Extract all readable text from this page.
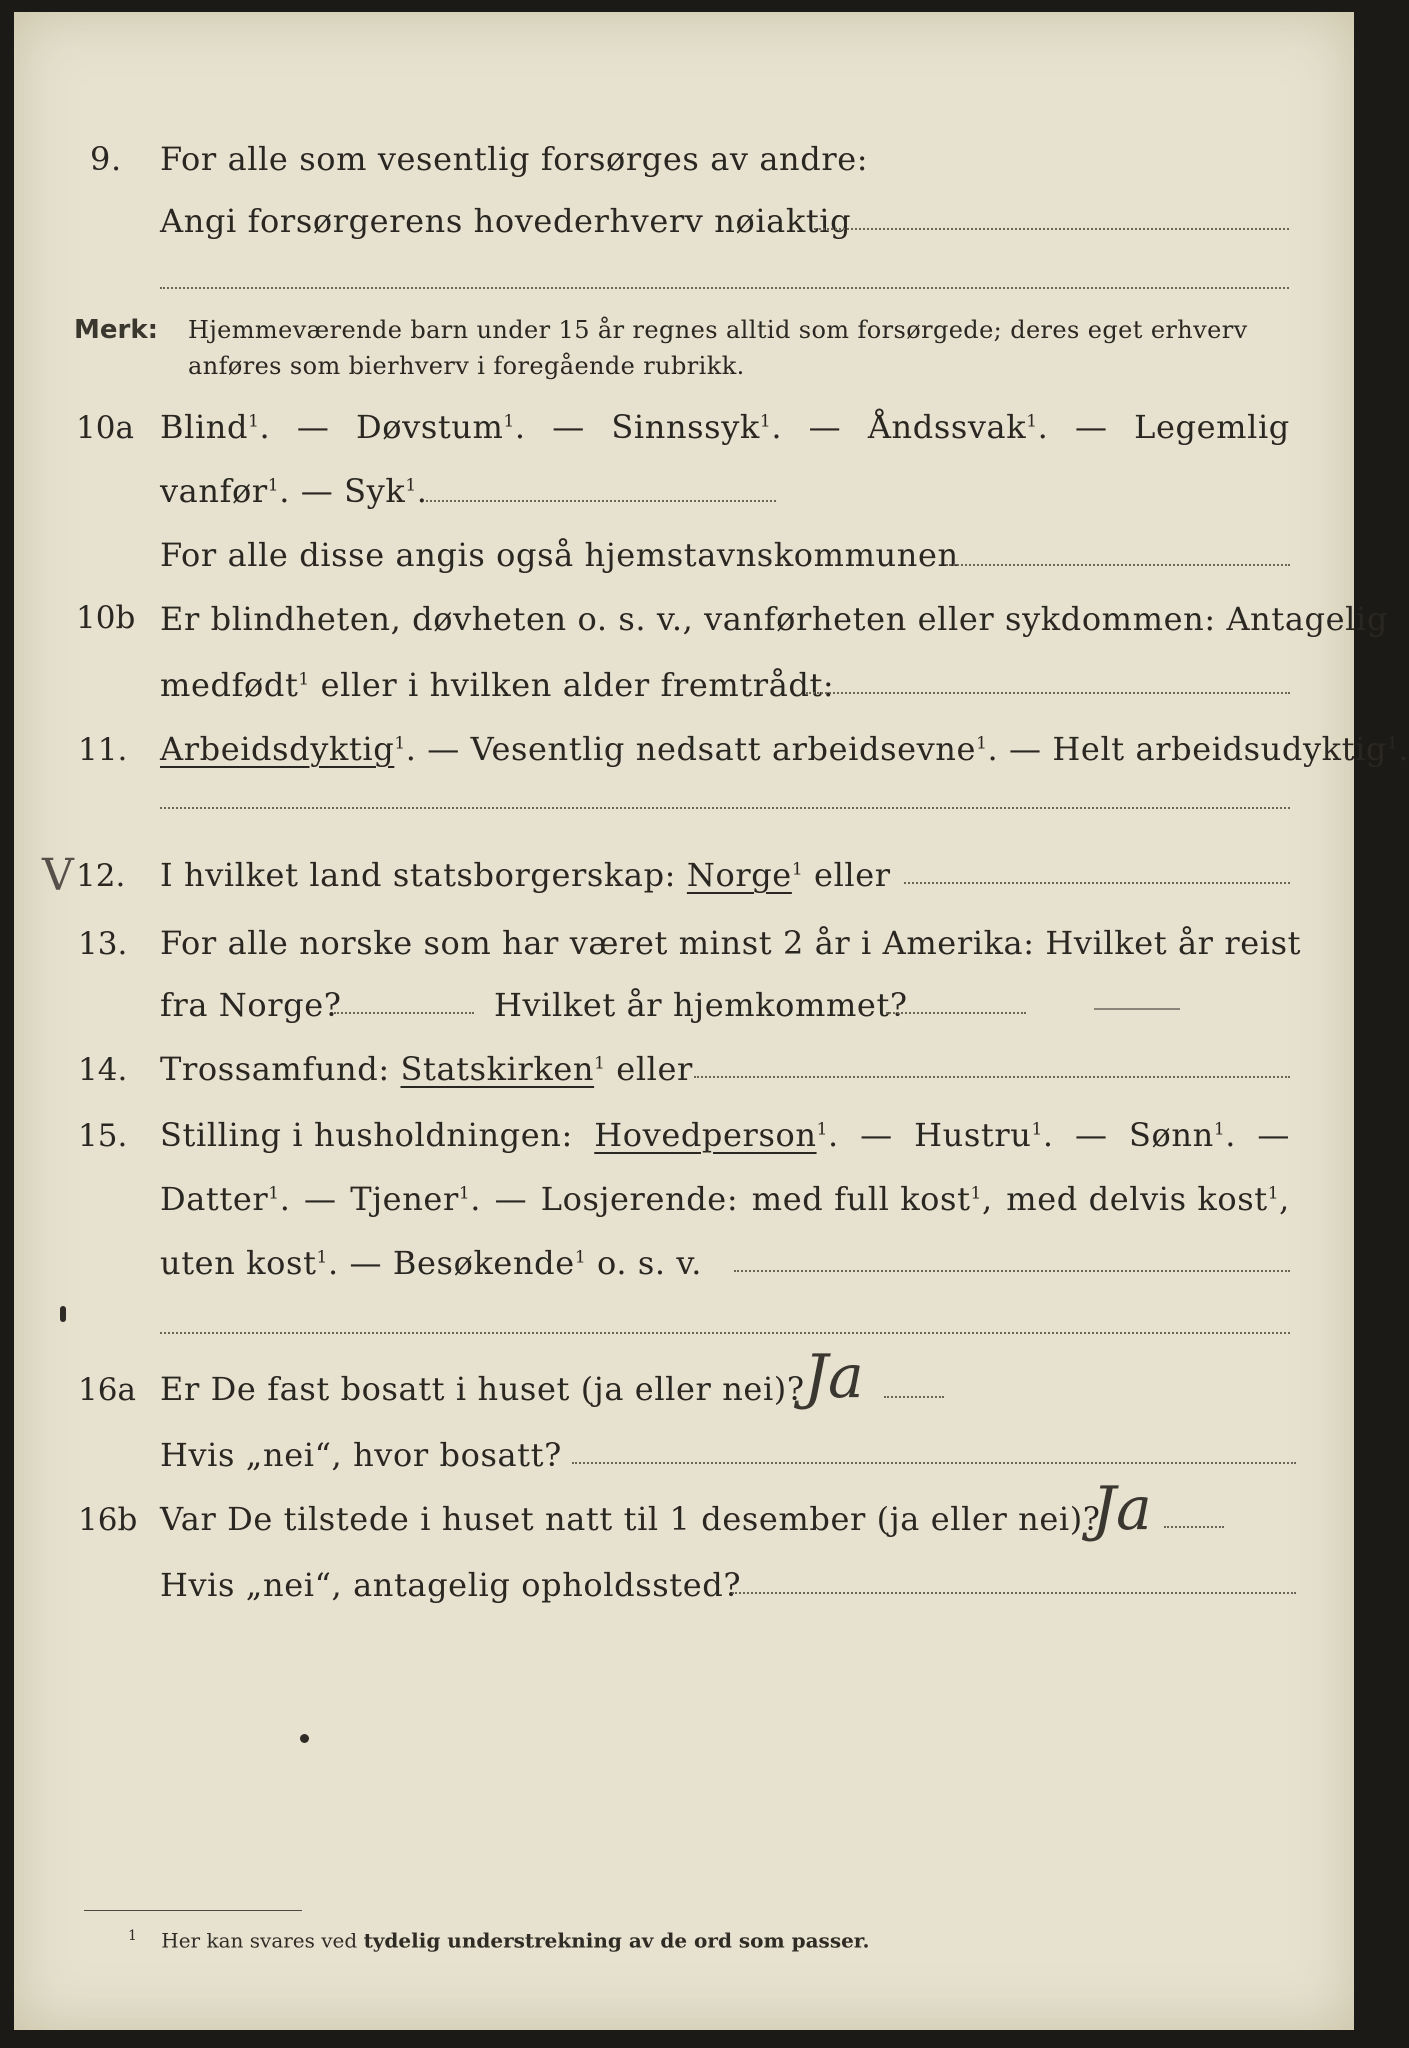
9. For alle som vesentlig forsørges av andre:
Angi forsørgerens hovederhverv nøiaktig
Merk: Hjemmeværende barn under 15 år regnes alltid som forsørgede; deres eget erhverv
anføres som bierhverv i foregående rubrikk.
10a Blind$^1$. — Døvstum$^1$. — Sinnssyk$^1$. — Åndssvak$^1$. — Legemlig
vanfør$^1$. — Syk$^1$.
For alle disse angis også hjemstavnskommunen
10b Er blindheten, døvheten o. s. v., vanførheten eller sykdommen: Antagelig
medfødt$^1$ eller i hvilken alder fremtrådt:
11. Arbeidsdyktig$^1$. — Vesentlig nedsatt arbeidsevne$^1$. — Helt arbeidsudyktig$^1$.
V 12. I hvilket land statsborgerskap: Norge$^1$ eller
13. For alle norske som har været minst 2 år i Amerika: Hvilket år reist
fra Norge?	Hvilket år hjemkommet?
14. Trossamfund: Statskirken$^1$ eller
15. Stilling i husholdningen: Hovedperson$^1$. — Hustru$^1$. — Sønn$^1$. —
Datter$^1$. — Tjener$^1$. — Losjerende: med full kost$^1$, med delvis kost$^1$,
uten kost$^1$. — Besøkende$^1$ o. s. v.
16a Er De fast bosatt i huset (ja eller nei)? Ja
Hvis „nei“, hvor bosatt?
16b Var De tilstede i huset natt til 1 desember (ja eller nei)?
Ja
Hvis „nei“, antagelig opholdssted?
$^1$ Her kan svares ved tydelig understrekning av de ord som passer.
